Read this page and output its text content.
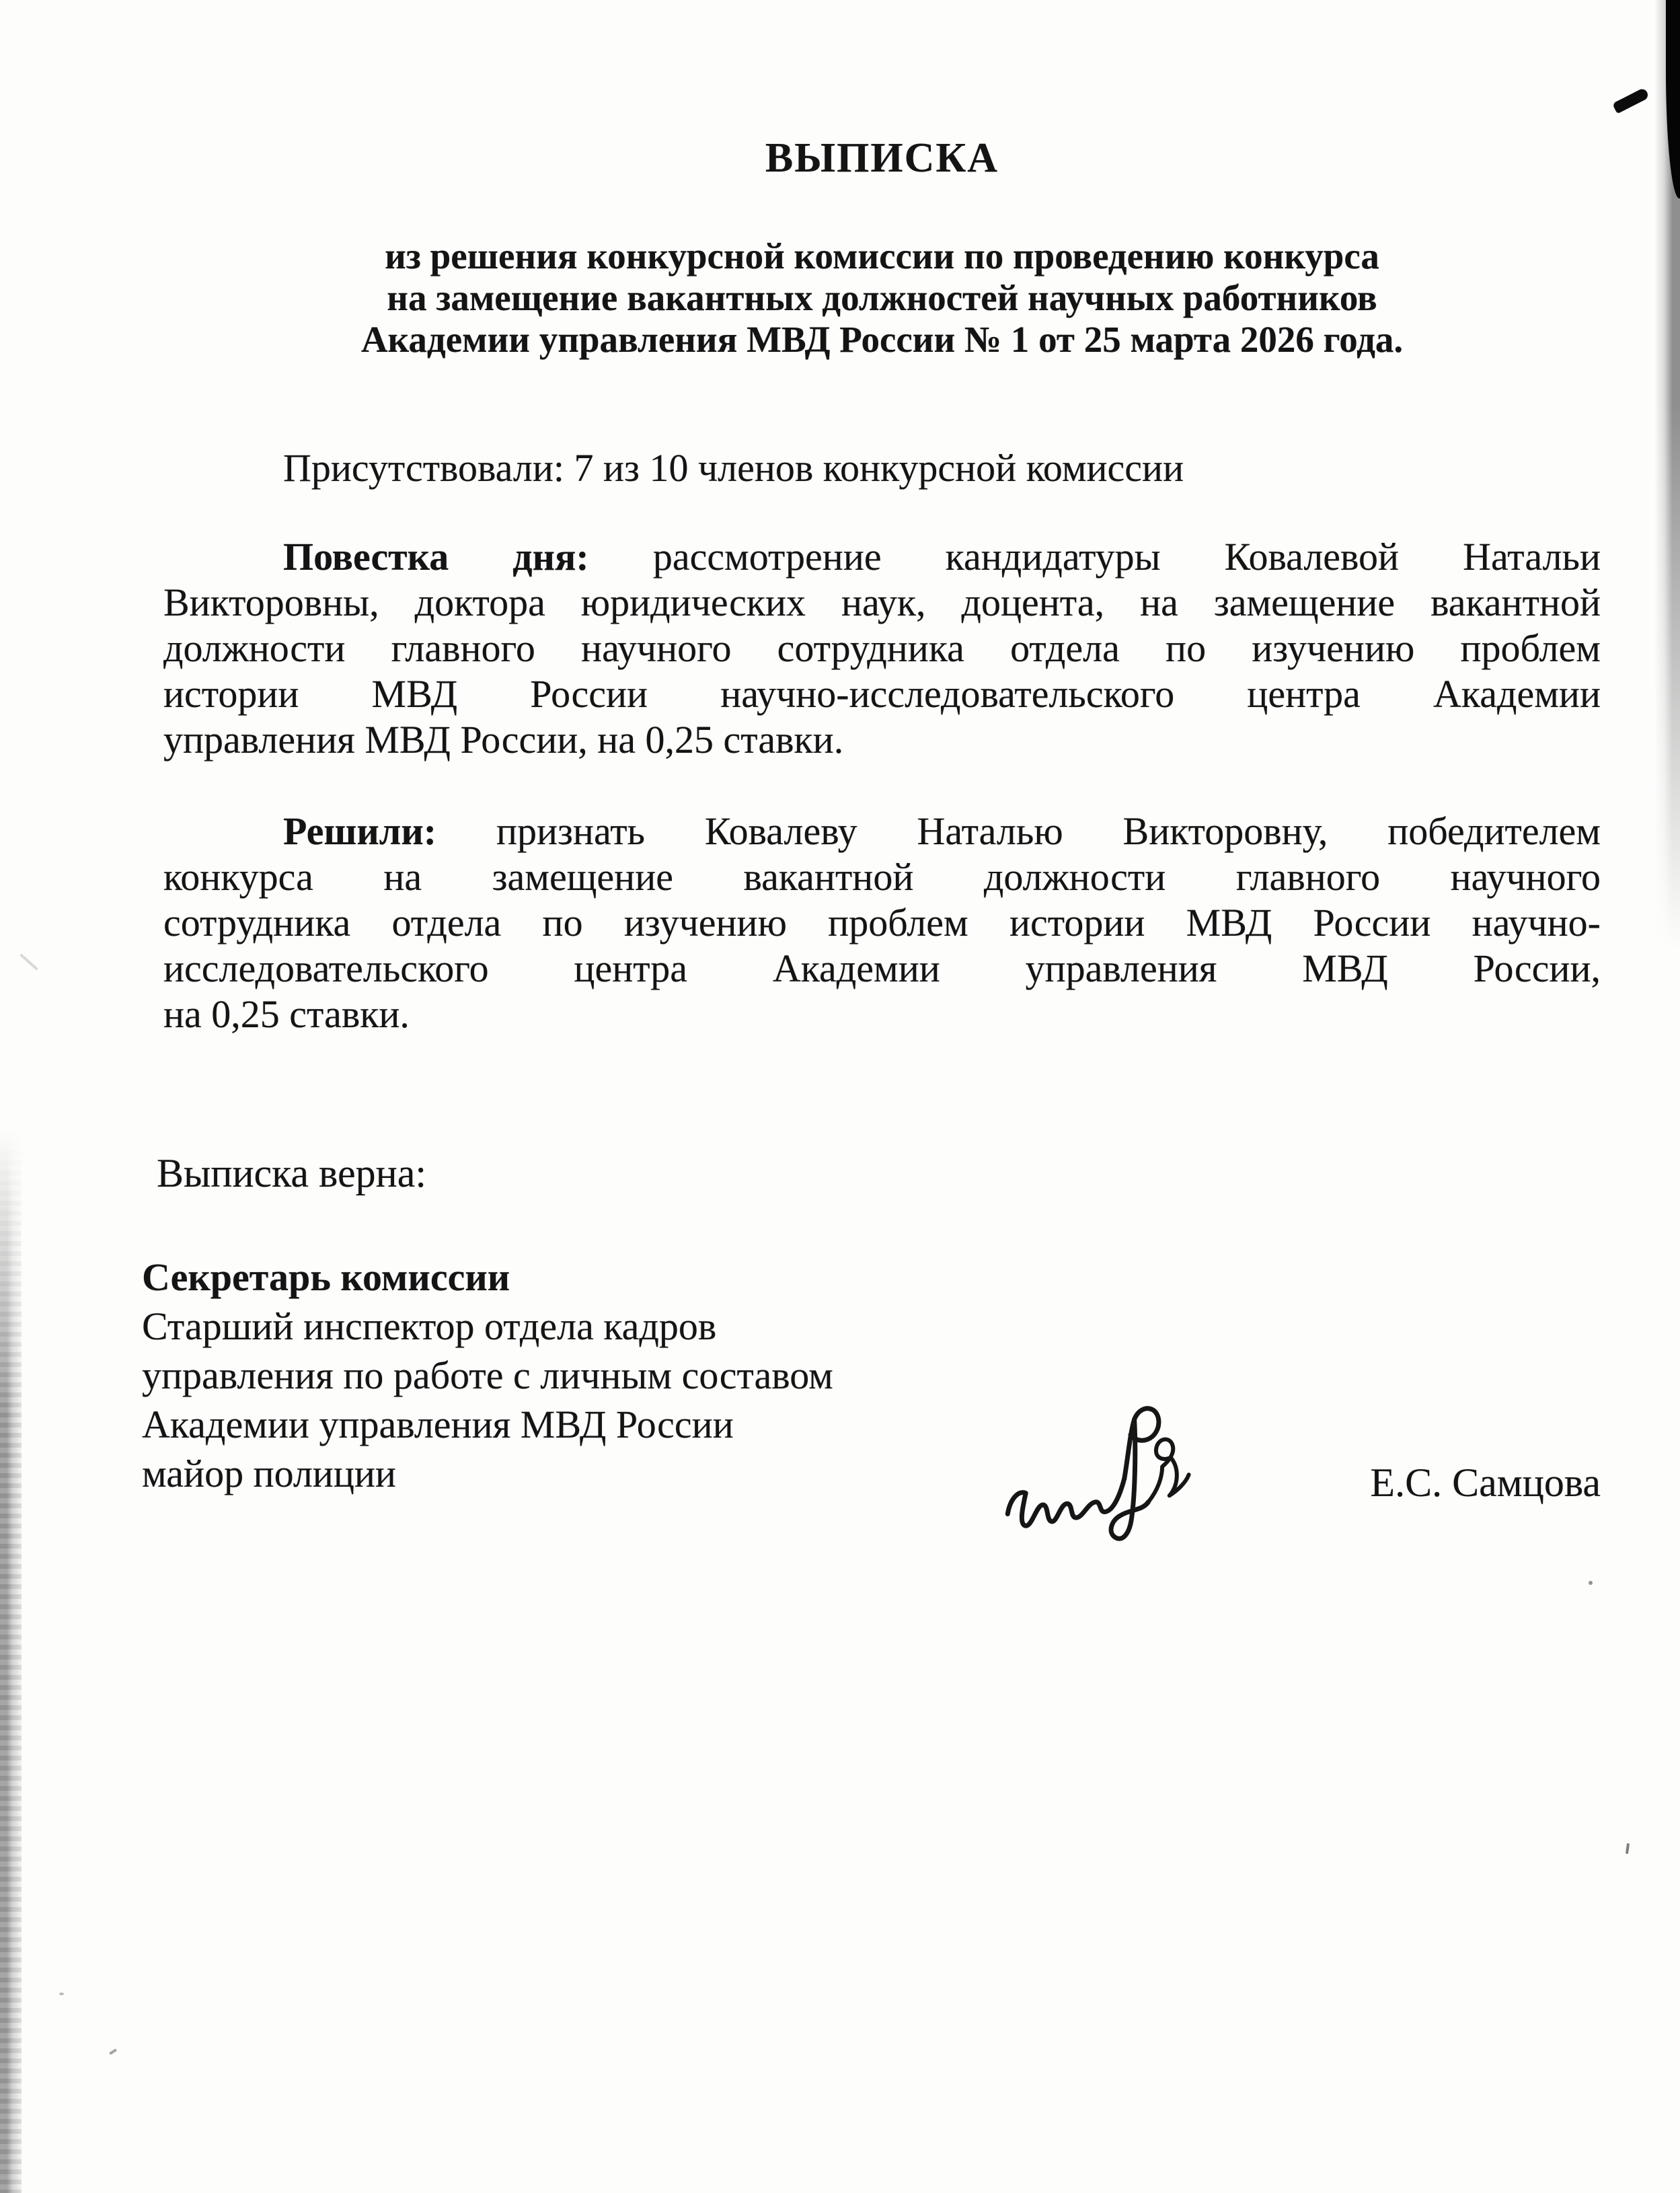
ВЫПИСКА
из решения конкурсной комиссии по проведению конкурса
на замещение вакантных должностей научных работников
Академии управления МВД России № 1 от 25 марта 2026 года.

Присутствовали: 7 из 10 членов конкурсной комиссии

Повестка дня: рассмотрение кандидатуры Ковалевой Натальи
Викторовны, доктора юридических наук, доцента, на замещение вакантной
должности главного научного сотрудника отдела по изучению проблем
истории МВД России научно-исследовательского центра Академии
управления МВД России, на 0,25 ставки.
Решили: признать Ковалеву Наталью Викторовну, победителем
конкурса на замещение вакантной должности главного научного
сотрудника отдела по изучению проблем истории МВД России научно-
исследовательского центра Академии управления МВД России,
на 0,25 ставки.

Выписка верна:

Секретарь комиссии
Старший инспектор отдела кадров
управления по работе с личным составом
Академии управления МВД России
майор полиции	Е.С. Самцова
